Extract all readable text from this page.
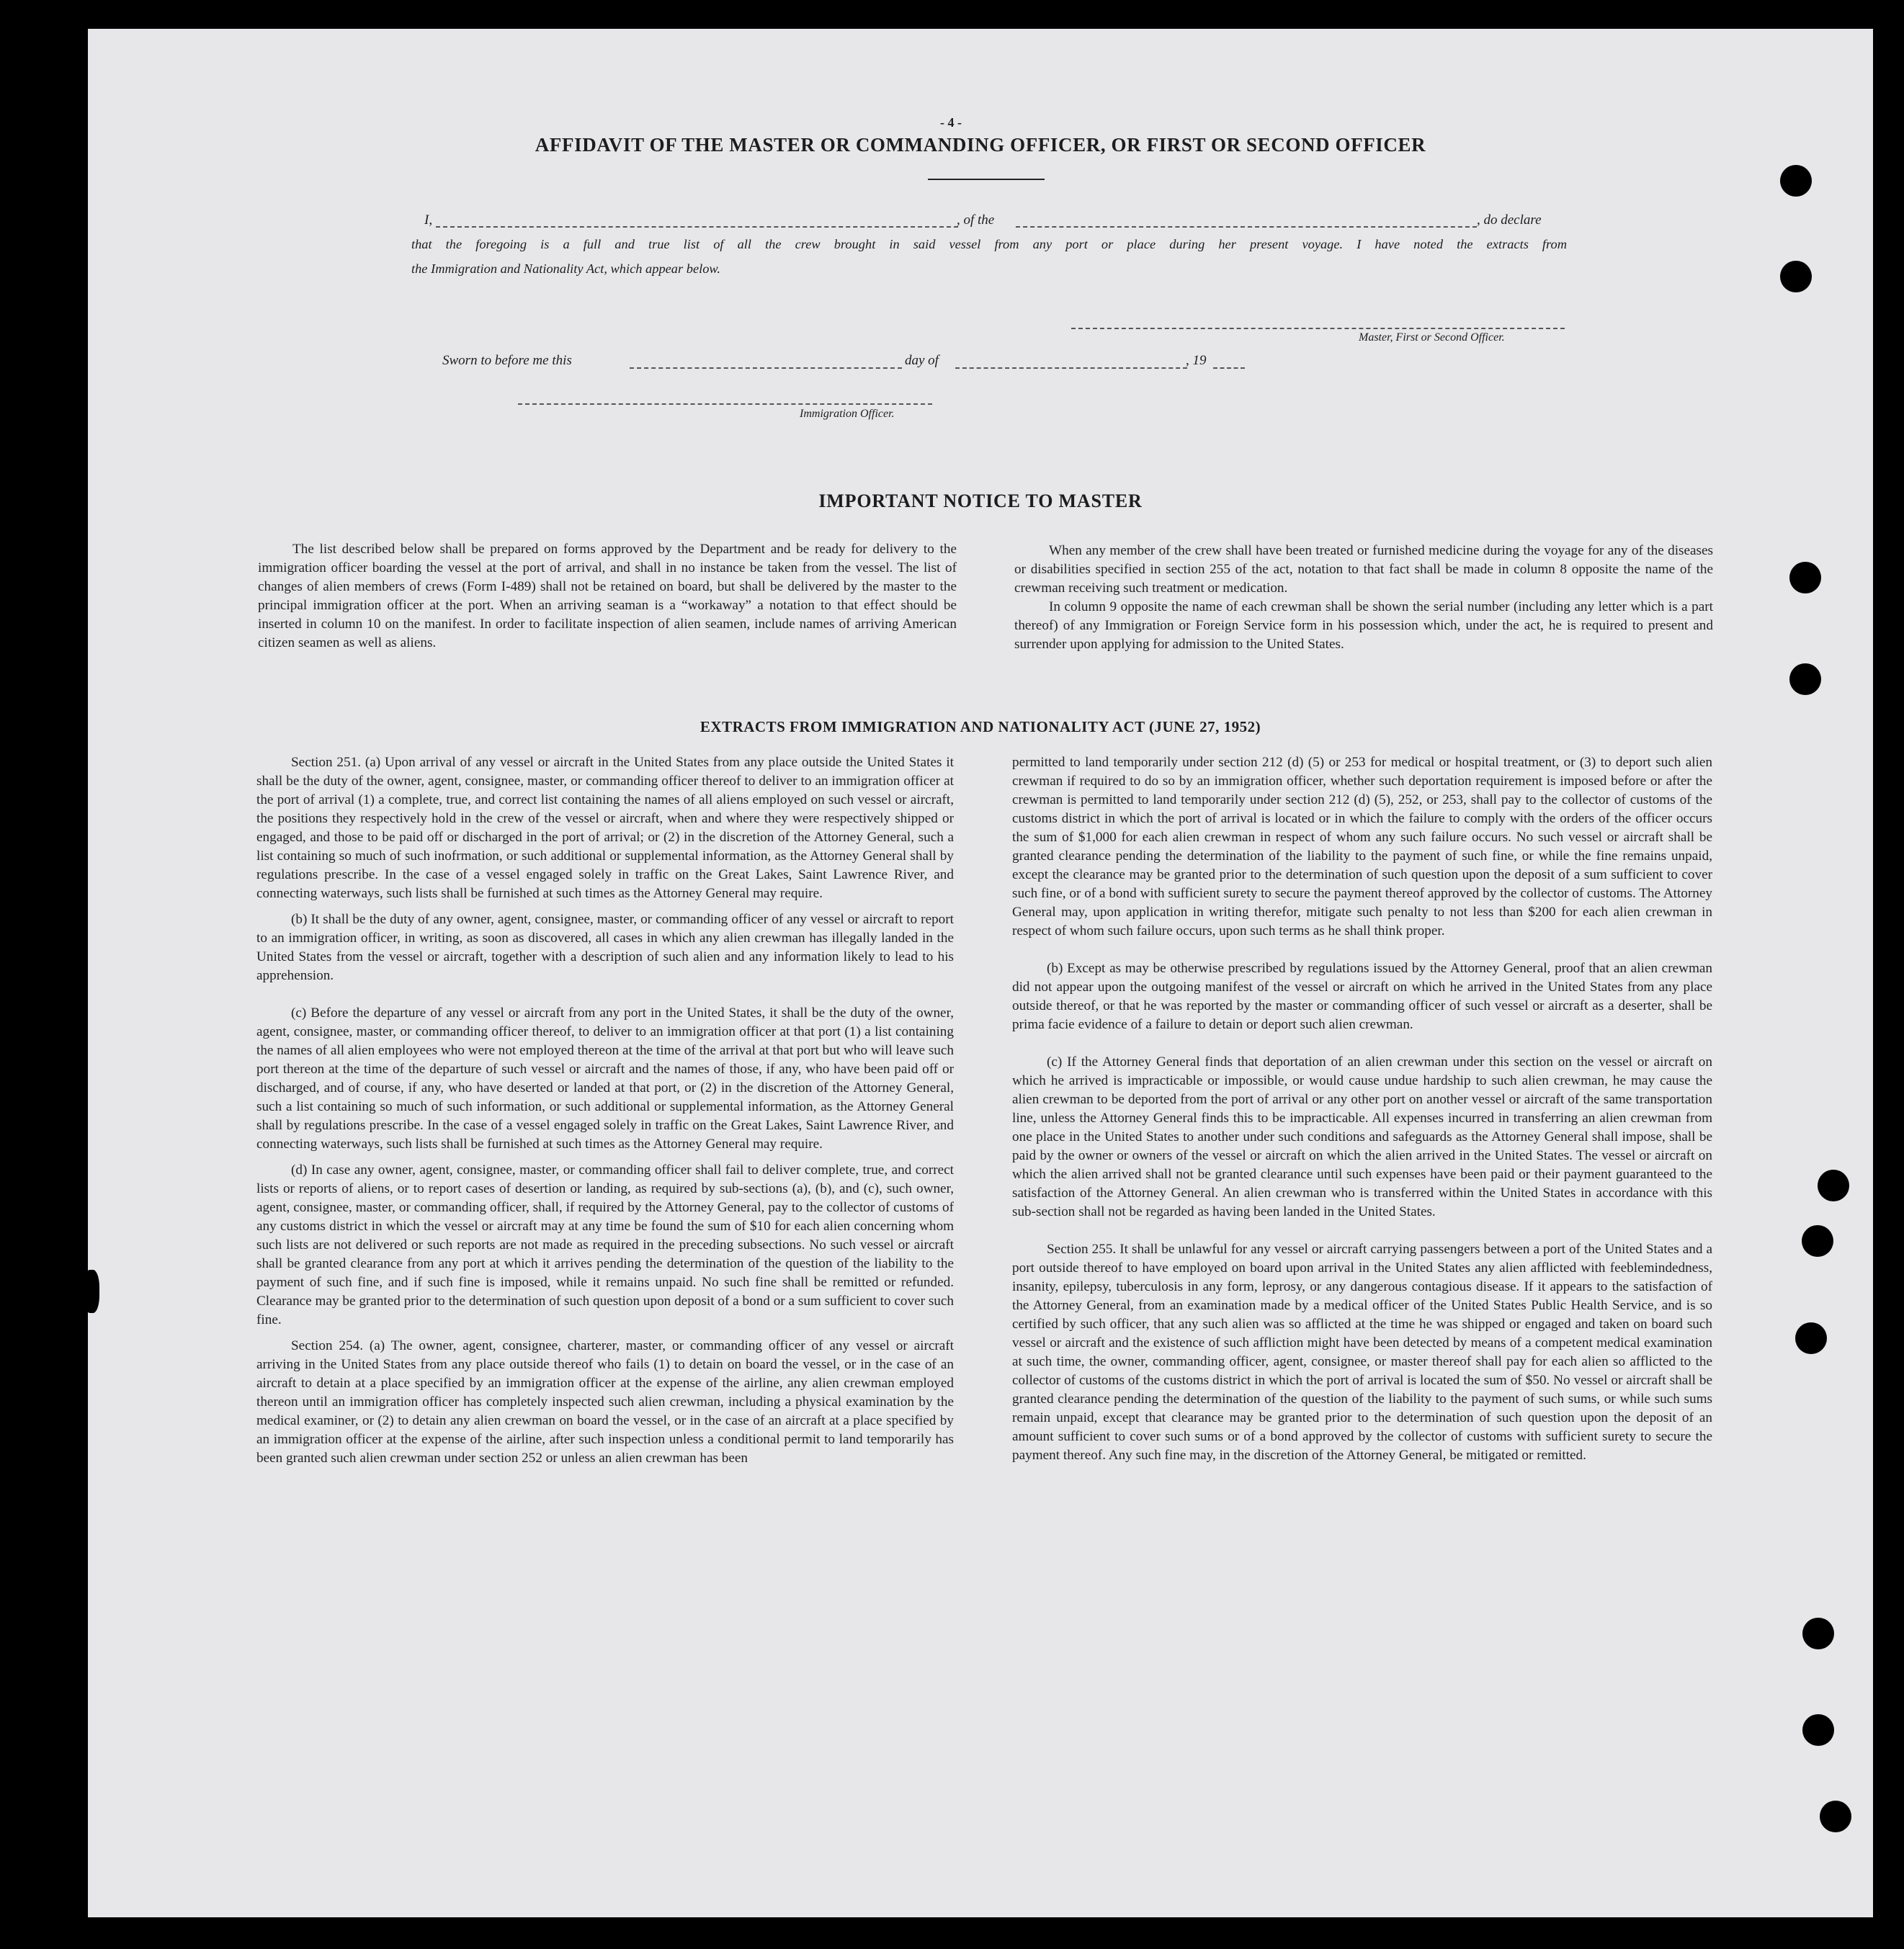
- 4 -
AFFIDAVIT OF THE MASTER OR COMMANDING OFFICER, OR FIRST OR SECOND OFFICER
I,	, of the	, do declare
that the foregoing is a full and true list of all the crew brought in said vessel from any port or place during her present voyage. I have noted the extracts from
the Immigration and Nationality Act, which appear below.
Master, First or Second Officer.
Sworn to before me this	day of	, 19
Immigration Officer.
IMPORTANT NOTICE TO MASTER

The list described below shall be prepared on forms approved by the Department and be ready for delivery to the immigration officer boarding the vessel at the port of arrival, and shall in no instance be taken from the vessel. The list of changes of alien members of crews (Form I-489) shall not be retained on board, but shall be delivered by the master to the principal immigration officer at the port. When an arriving seaman is a “workaway” a notation to that effect should be inserted in column 10 on the manifest. In order to facilitate inspection of alien seamen, include names of arriving American citizen seamen as well as aliens.

When any member of the crew shall have been treated or furnished medicine during the voyage for any of the diseases or disabilities specified in section 255 of the act, notation to that fact shall be made in column 8 opposite the name of the crewman receiving such treatment or medication.

In column 9 opposite the name of each crewman shall be shown the serial number (including any letter which is a part thereof) of any Immigration or Foreign Service form in his possession which, under the act, he is required to present and surrender upon applying for admission to the United States.

EXTRACTS FROM IMMIGRATION AND NATIONALITY ACT (JUNE 27, 1952)

Section 251. (a) Upon arrival of any vessel or aircraft in the United States from any place outside the United States it shall be the duty of the owner, agent, consignee, master, or commanding officer thereof to deliver to an immigration officer at the port of arrival (1) a complete, true, and correct list containing the names of all aliens employed on such vessel or aircraft, the positions they respectively hold in the crew of the vessel or aircraft, when and where they were respectively shipped or engaged, and those to be paid off or discharged in the port of arrival; or (2) in the discretion of the Attorney General, such a list containing so much of such inofrmation, or such additional or supplemental information, as the Attorney General shall by regulations prescribe. In the case of a vessel engaged solely in traffic on the Great Lakes, Saint Lawrence River, and connecting waterways, such lists shall be furnished at such times as the Attorney General may require.

(b) It shall be the duty of any owner, agent, consignee, master, or commanding officer of any vessel or aircraft to report to an immigration officer, in writing, as soon as discovered, all cases in which any alien crewman has illegally landed in the United States from the vessel or aircraft, together with a description of such alien and any information likely to lead to his apprehension.

(c) Before the departure of any vessel or aircraft from any port in the United States, it shall be the duty of the owner, agent, consignee, master, or commanding officer thereof, to deliver to an immigration officer at that port (1) a list containing the names of all alien employees who were not employed thereon at the time of the arrival at that port but who will leave such port thereon at the time of the departure of such vessel or aircraft and the names of those, if any, who have been paid off or discharged, and of course, if any, who have deserted or landed at that port, or (2) in the discretion of the Attorney General, such a list containing so much of such information, or such additional or supplemental information, as the Attorney General shall by regulations prescribe. In the case of a vessel engaged solely in traffic on the Great Lakes, Saint Lawrence River, and connecting waterways, such lists shall be furnished at such times as the Attorney General may require.

(d) In case any owner, agent, consignee, master, or commanding officer shall fail to deliver complete, true, and correct lists or reports of aliens, or to report cases of desertion or landing, as required by sub-sections (a), (b), and (c), such owner, agent, consignee, master, or commanding officer, shall, if required by the Attorney General, pay to the collector of customs of any customs district in which the vessel or aircraft may at any time be found the sum of $10 for each alien concerning whom such lists are not delivered or such reports are not made as required in the preceding subsections. No such vessel or aircraft shall be granted clearance from any port at which it arrives pending the determination of the question of the liability to the payment of such fine, and if such fine is imposed, while it remains unpaid. No such fine shall be remitted or refunded. Clearance may be granted prior to the determination of such question upon deposit of a bond or a sum sufficient to cover such fine.

Section 254. (a) The owner, agent, consignee, charterer, master, or commanding officer of any vessel or aircraft arriving in the United States from any place outside thereof who fails (1) to detain on board the vessel, or in the case of an aircraft to detain at a place specified by an immigration officer at the expense of the airline, any alien crewman employed thereon until an immigration officer has completely inspected such alien crewman, including a physical examination by the medical examiner, or (2) to detain any alien crewman on board the vessel, or in the case of an aircraft at a place specified by an immigration officer at the expense of the airline, after such inspection unless a conditional permit to land temporarily has been granted such alien crewman under section 252 or unless an alien crewman has been

permitted to land temporarily under section 212 (d) (5) or 253 for medical or hospital treatment, or (3) to deport such alien crewman if required to do so by an immigration officer, whether such deportation requirement is imposed before or after the crewman is permitted to land temporarily under section 212 (d) (5), 252, or 253, shall pay to the collector of customs of the customs district in which the port of arrival is located or in which the failure to comply with the orders of the officer occurs the sum of $1,000 for each alien crewman in respect of whom any such failure occurs. No such vessel or aircraft shall be granted clearance pending the determination of the liability to the payment of such fine, or while the fine remains unpaid, except the clearance may be granted prior to the determination of such question upon the deposit of a sum sufficient to cover such fine, or of a bond with sufficient surety to secure the payment thereof approved by the collector of customs. The Attorney General may, upon application in writing therefor, mitigate such penalty to not less than $200 for each alien crewman in respect of whom such failure occurs, upon such terms as he shall think proper.

(b) Except as may be otherwise prescribed by regulations issued by the Attorney General, proof that an alien crewman did not appear upon the outgoing manifest of the vessel or aircraft on which he arrived in the United States from any place outside thereof, or that he was reported by the master or commanding officer of such vessel or aircraft as a deserter, shall be prima facie evidence of a failure to detain or deport such alien crewman.

(c) If the Attorney General finds that deportation of an alien crewman under this section on the vessel or aircraft on which he arrived is impracticable or impossible, or would cause undue hardship to such alien crewman, he may cause the alien crewman to be deported from the port of arrival or any other port on another vessel or aircraft of the same transportation line, unless the Attorney General finds this to be impracticable. All expenses incurred in transferring an alien crewman from one place in the United States to another under such conditions and safeguards as the Attorney General shall impose, shall be paid by the owner or owners of the vessel or aircraft on which the alien arrived in the United States. The vessel or aircraft on which the alien arrived shall not be granted clearance until such expenses have been paid or their payment guaranteed to the satisfaction of the Attorney General. An alien crewman who is transferred within the United States in accordance with this sub-section shall not be regarded as having been landed in the United States.

Section 255. It shall be unlawful for any vessel or aircraft carrying passengers between a port of the United States and a port outside thereof to have employed on board upon arrival in the United States any alien afflicted with feeblemindedness, insanity, epilepsy, tuberculosis in any form, leprosy, or any dangerous contagious disease. If it appears to the satisfaction of the Attorney General, from an examination made by a medical officer of the United States Public Health Service, and is so certified by such officer, that any such alien was so afflicted at the time he was shipped or engaged and taken on board such vessel or aircraft and the existence of such affliction might have been detected by means of a competent medical examination at such time, the owner, commanding officer, agent, consignee, or master thereof shall pay for each alien so afflicted to the collector of customs of the customs district in which the port of arrival is located the sum of $50. No vessel or aircraft shall be granted clearance pending the determination of the question of the liability to the payment of such sums, or while such sums remain unpaid, except that clearance may be granted prior to the determination of such question upon the deposit of an amount sufficient to cover such sums or of a bond approved by the collector of customs with sufficient surety to secure the payment thereof. Any such fine may, in the discretion of the Attorney General, be mitigated or remitted.
